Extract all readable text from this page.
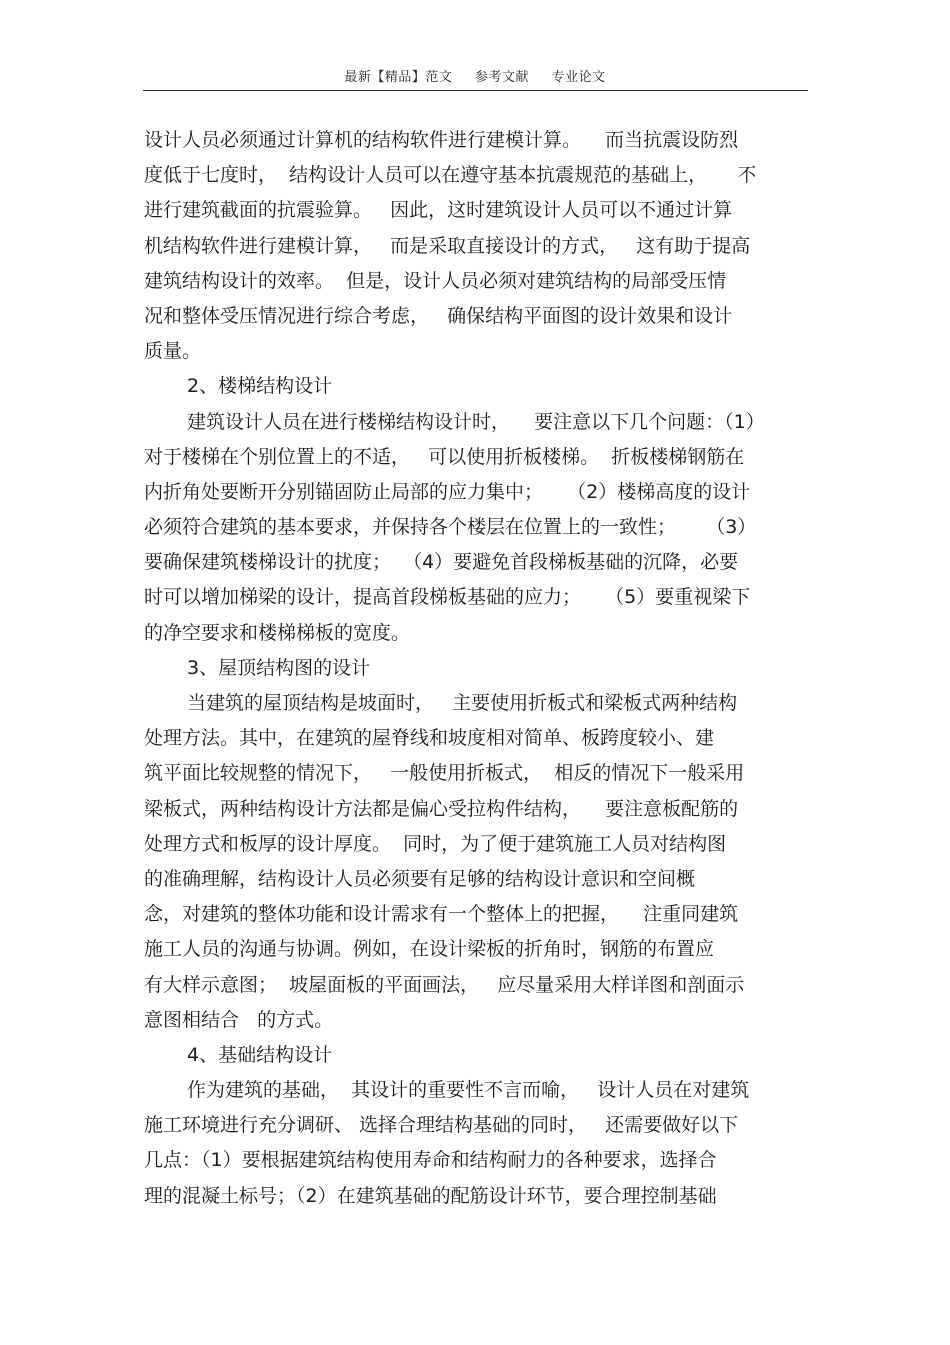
最新【精品】范文 参考文献 专业论文
设计人员必须通过计算机的结构软件进行建模计算。    而当抗震设防烈
度低于七度时，  结构设计人员可以在遵守基本抗震规范的基础上，     不
进行建筑截面的抗震验算。   因此，这时建筑设计人员可以不通过计算
机结构软件进行建模计算，   而是采取直接设计的方式，   这有助于提高
建筑结构设计的效率。  但是，设计人员必须对建筑结构的局部受压情
况和整体受压情况进行综合考虑，   确保结构平面图的设计效果和设计
质量。
2、楼梯结构设计
建筑设计人员在进行楼梯结构设计时，    要注意以下几个问题：（1）
对于楼梯在个别位置上的不适，   可以使用折板楼梯。  折板楼梯钢筋在
内折角处要断开分别锚固防止局部的应力集中；    （2）楼梯高度的设计
必须符合建筑的基本要求，并保持各个楼层在位置上的一致性；     （3）
要确保建筑楼梯设计的扰度；  （4）要避免首段梯板基础的沉降，必要
时可以增加梯梁的设计，提高首段梯板基础的应力；    （5）要重视梁下
的净空要求和楼梯梯板的宽度。
3、屋顶结构图的设计
当建筑的屋顶结构是坡面时，   主要使用折板式和梁板式两种结构
处理方法。其中，在建筑的屋脊线和坡度相对简单、板跨度较小、建
筑平面比较规整的情况下，   一般使用折板式，  相反的情况下一般采用
梁板式，两种结构设计方法都是偏心受拉构件结构，    要注意板配筋的
处理方式和板厚的设计厚度。  同时，为了便于建筑施工人员对结构图
的准确理解，结构设计人员必须要有足够的结构设计意识和空间概
念，对建筑的整体功能和设计需求有一个整体上的把握，    注重同建筑
施工人员的沟通与协调。例如，在设计梁板的折角时，钢筋的布置应
有大样示意图；  坡屋面板的平面画法，   应尽量采用大样详图和剖面示
意图相结合   的方式。
4、基础结构设计
作为建筑的基础，  其设计的重要性不言而喻，   设计人员在对建筑
施工环境进行充分调研、 选择合理结构基础的同时，   还需要做好以下
几点：（1）要根据建筑结构使用寿命和结构耐力的各种要求，选择合
理的混凝土标号；（2）在建筑基础的配筋设计环节，要合理控制基础
